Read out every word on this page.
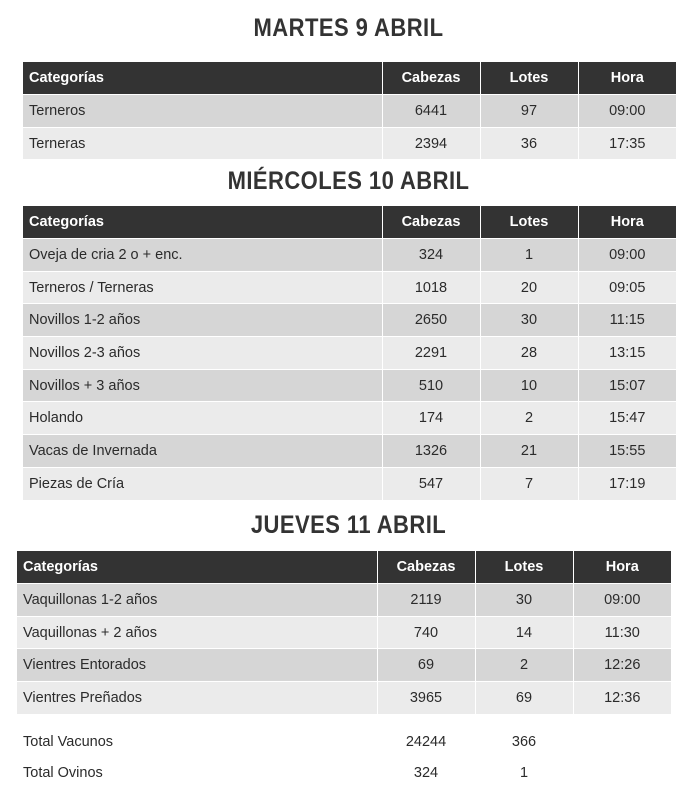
MARTES 9 ABRIL
Categorías	Cabezas	Lotes	Hora
Terneros	6441	97	09:00
Terneras	2394	36	17:35
MIÉRCOLES 10 ABRIL
Categorías	Cabezas	Lotes	Hora
Oveja de cria 2 o + enc.	324	1	09:00
Terneros / Terneras	1018	20	09:05
Novillos 1-2 años	2650	30	11:15
Novillos 2-3 años	2291	28	13:15
Novillos + 3 años	510	10	15:07
Holando	174	2	15:47
Vacas de Invernada	1326	21	15:55
Piezas de Cría	547	7	17:19
JUEVES 11 ABRIL
Categorías	Cabezas	Lotes	Hora
Vaquillonas 1-2 años	2119	30	09:00
Vaquillonas + 2 años	740	14	11:30
Vientres Entorados	69	2	12:26
Vientres Preñados	3965	69	12:36
Total Vacunos	24244	366	
Total Ovinos	324	1	
